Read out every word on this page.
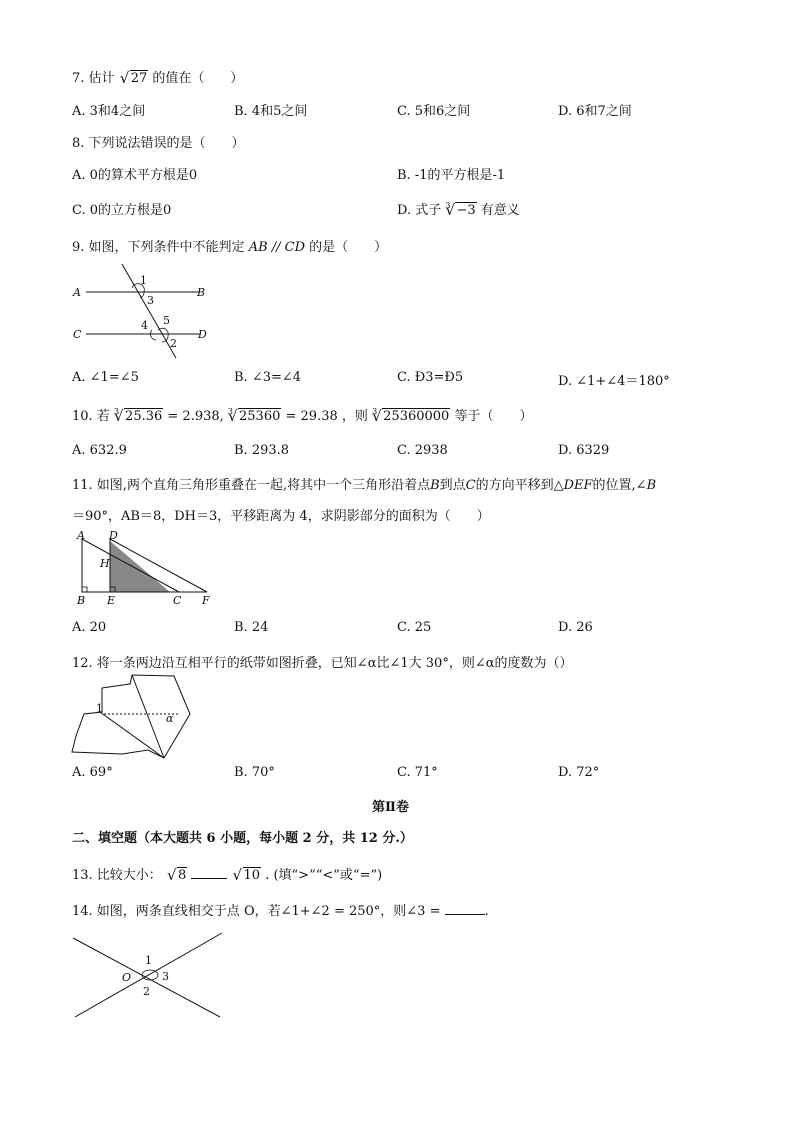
7. 估计 √ 27 的值在（　　）
A. 3和4之间	B. 4和5之间	C. 5和6之间	D. 6和7之间
8. 下列说法错误的是（　　）
A. 0的算术平方根是0	B. -1的平方根是-1
C. 0的立方根是0	D. 式子 $^3$ √ −3 有意义
9. 如图，下列条件中不能判定 AB // CD 的是（　　）
A	B
C	D
1
3
4 5
2
A. ∠1=∠5	B. ∠3=∠4	C. Ð3=Ð5	D. ∠1+∠4＝180°
10. 若 $^3$ √ 25.36 = 2.938, $^3$ √ 25360 = 29.38 ，则 $^3$ √ 25360000 等于（　　）
A. 632.9	B. 293.8	C. 2938	D. 6329
11. 如图,两个直角三角形重叠在一起,将其中一个三角形沿着点B到点C的方向平移到△DEF的位置,∠B
＝90°，AB＝8，DH＝3，平移距离为 4，求阴影部分的面积为（　　）
A D
H
B E	C F
A. 20	B. 24	C. 25	D. 26
12. 将一条两边沿互相平行的纸带如图折叠，已知∠α比∠1大 30°，则∠α的度数为（）
1
α
A. 69°	B. 70°	C. 71°	D. 72°
第Ⅱ卷
二、填空题（本大题共 6 小题，每小题 2 分，共 12 分.）
13. 比较大小： √ 8	√ 10 . (填“>”“<”或“=”)
14. 如图，两条直线相交于点 O，若∠1+∠2 = 250°，则∠3 =	.
O
1
3
2
